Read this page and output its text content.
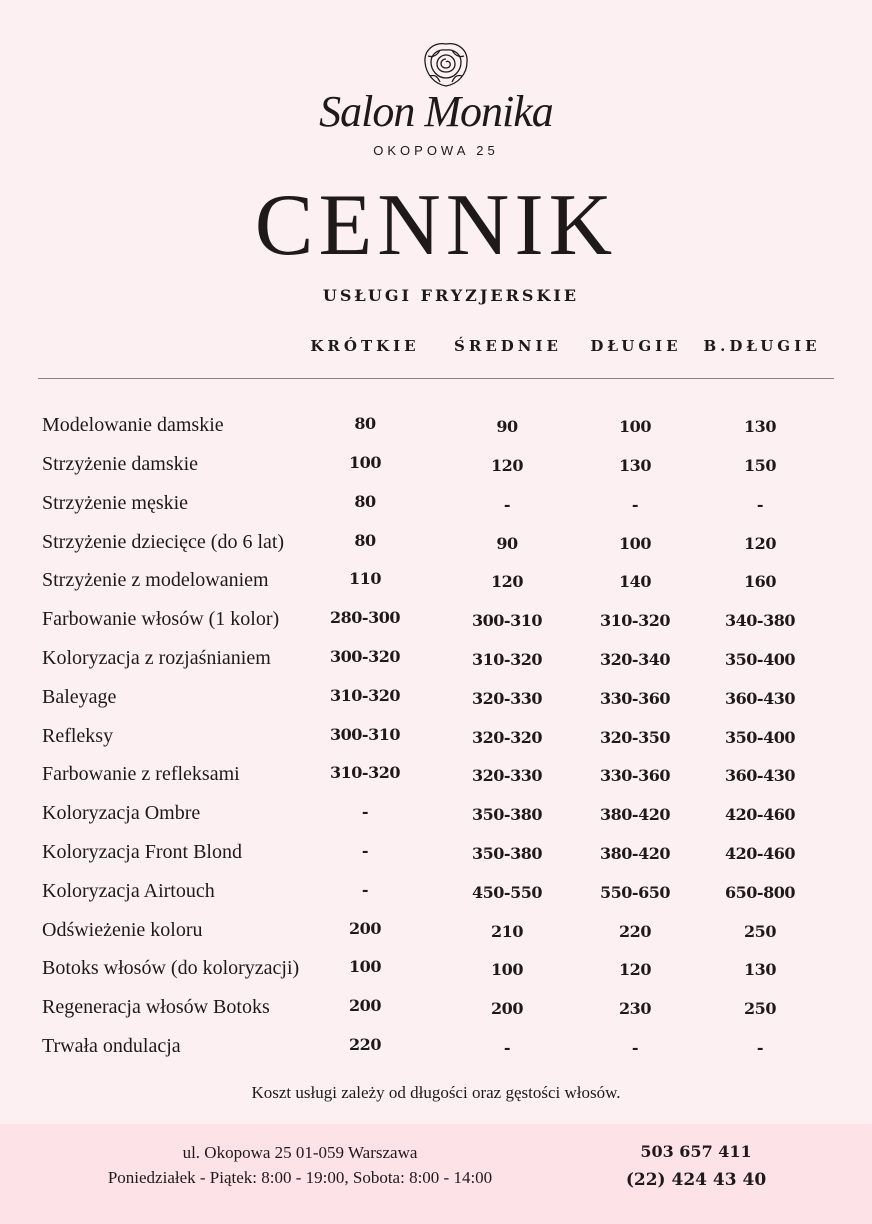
Salon Monika
OKOPOWA 25
CENNIK
USŁUGI FRYZJERSKIE
KRÓTKIE	ŚREDNIE	DŁUGIE	B.DŁUGIE
Modelowanie damskie	80	90	100	130
Strzyżenie damskie	100	120	130	150
Strzyżenie męskie	80	-	-	-
Strzyżenie dziecięce (do 6 lat)	80	90	100	120
Strzyżenie z modelowaniem	110	120	140	160
Farbowanie włosów (1 kolor)	280-300	300-310	310-320	340-380
Koloryzacja z rozjaśnianiem	300-320	310-320	320-340	350-400
Baleyage	310-320	320-330	330-360	360-430
Refleksy	300-310	320-320	320-350	350-400
Farbowanie z refleksami	310-320	320-330	330-360	360-430
Koloryzacja Ombre	-	350-380	380-420	420-460
Koloryzacja Front Blond	-	350-380	380-420	420-460
Koloryzacja Airtouch	-	450-550	550-650	650-800
Odświeżenie koloru	200	210	220	250
Botoks włosów (do koloryzacji)	100	100	120	130
Regeneracja włosów Botoks	200	200	230	250
Trwała ondulacja	220	-	-	-
Koszt usługi zależy od długości oraz gęstości włosów.
ul. Okopowa 25 01-059 Warszawa
Poniedziałek - Piątek: 8:00 - 19:00, Sobota: 8:00 - 14:00
503 657 411
(22) 424 43 40
